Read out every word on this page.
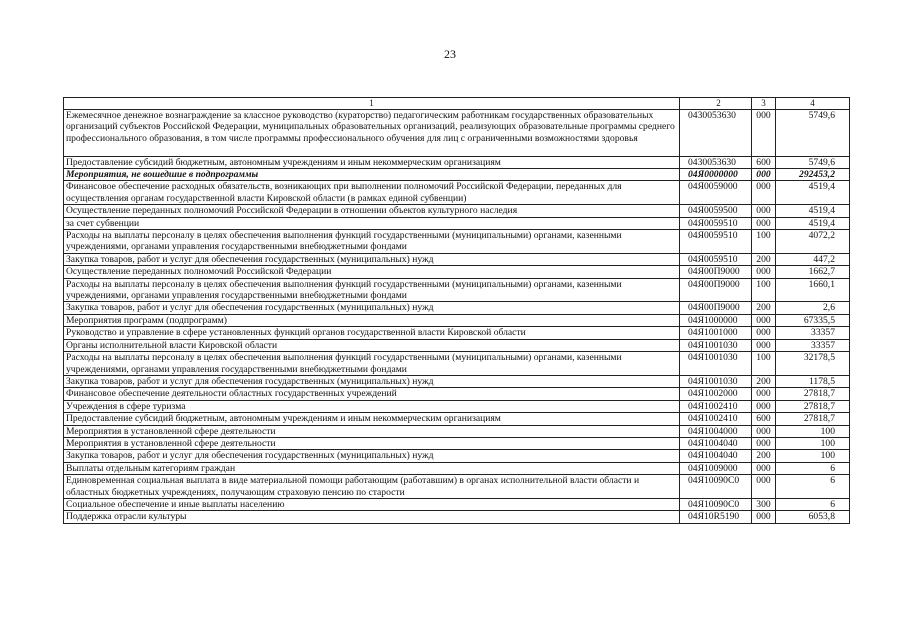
23
1	2	3	4
Ежемесячное денежное вознаграждение за классное руководство (кураторство) педагогическим работникам государственных образовательных организаций субъектов Российской Федерации, муниципальных образовательных организаций, реализующих образовательные программы среднего профессионального образования, в том числе программы профессионального обучения для лиц с ограниченными возможностями здоровья	0430053630	000	5749,6
Предоставление субсидий бюджетным, автономным учреждениям и иным некоммерческим организациям	0430053630	600	5749,6
Мероприятия, не вошедшие в подпрограммы	04Я0000000	000	292453,2
Финансовое обеспечение расходных обязательств, возникающих при выполнении полномочий Российской Федерации, переданных для осуществления органам государственной власти Кировской области (в рамках единой субвенции)	04Я0059000	000	4519,4
Осуществление переданных полномочий Российской Федерации в отношении объектов культурного наследия	04Я0059500	000	4519,4
за счет субвенции	04Я0059510	000	4519,4
Расходы на выплаты персоналу в целях обеспечения выполнения функций государственными (муниципальными) органами, казенными учреждениями, органами управления государственными внебюджетными фондами	04Я0059510	100	4072,2
Закупка товаров, работ и услуг для обеспечения государственных (муниципальных) нужд	04Я0059510	200	447,2
Осуществление переданных полномочий Российской Федерации	04Я00П9000	000	1662,7
Расходы на выплаты персоналу в целях обеспечения выполнения функций государственными (муниципальными) органами, казенными учреждениями, органами управления государственными внебюджетными фондами	04Я00П9000	100	1660,1
Закупка товаров, работ и услуг для обеспечения государственных (муниципальных) нужд	04Я00П9000	200	2,6
Мероприятия программ (подпрограмм)	04Я1000000	000	67335,5
Руководство и управление в сфере установленных функций органов государственной власти Кировской области	04Я1001000	000	33357
Органы исполнительной власти Кировской области	04Я1001030	000	33357
Расходы на выплаты персоналу в целях обеспечения выполнения функций государственными (муниципальными) органами, казенными учреждениями, органами управления государственными внебюджетными фондами	04Я1001030	100	32178,5
Закупка товаров, работ и услуг для обеспечения государственных (муниципальных) нужд	04Я1001030	200	1178,5
Финансовое обеспечение деятельности областных государственных учреждений	04Я1002000	000	27818,7
Учреждения в сфере туризма	04Я1002410	000	27818,7
Предоставление субсидий бюджетным, автономным учреждениям и иным некоммерческим организациям	04Я1002410	600	27818,7
Мероприятия в установленной сфере деятельности	04Я1004000	000	100
Мероприятия в установленной сфере деятельности	04Я1004040	000	100
Закупка товаров, работ и услуг для обеспечения государственных (муниципальных) нужд	04Я1004040	200	100
Выплаты отдельным категориям граждан	04Я1009000	000	6
Единовременная социальная выплата в виде материальной помощи работающим (работавшим) в органах исполнительной власти области и областных бюджетных учреждениях, получающим страховую пенсию по старости	04Я10090С0	000	6
Социальное обеспечение и иные выплаты населению	04Я10090С0	300	6
Поддержка отрасли культуры	04Я10R5190	000	6053,8
